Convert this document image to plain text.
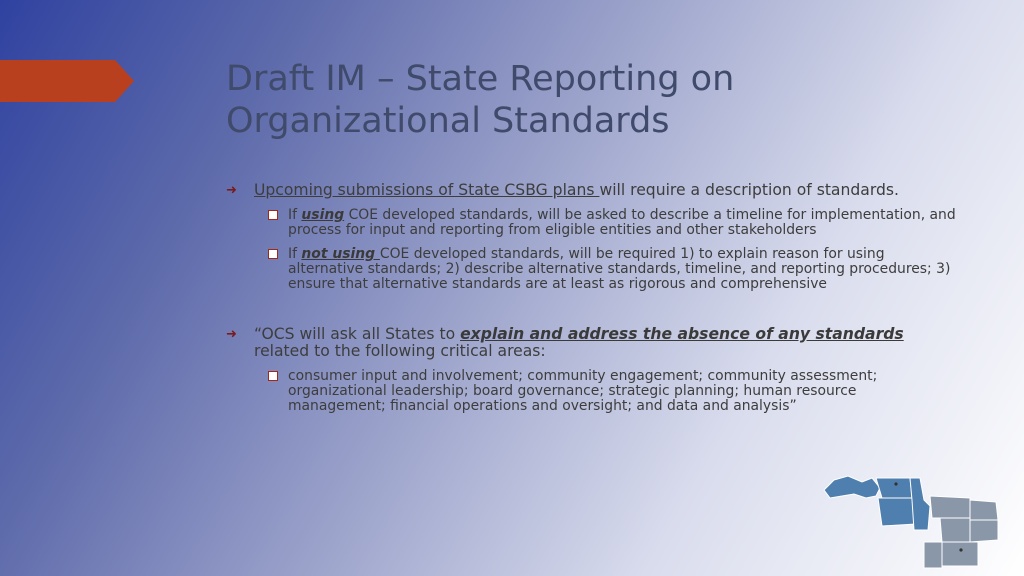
Draft IM – State Reporting on Organizational Standards
➜ Upcoming submissions of State CSBG plans will require a description of standards.
If using COE developed standards, will be asked to describe a timeline for implementation, and process for input and reporting from eligible entities and other stakeholders
If not using COE developed standards, will be required 1) to explain reason for using alternative standards; 2) describe alternative standards, timeline, and reporting procedures; 3) ensure that alternative standards are at least as rigorous and comprehensive
➜ “OCS will ask all States to explain and address the absence of any standards related to the following critical areas:
consumer input and involvement; community engagement; community assessment; organizational leadership; board governance; strategic planning; human resource management; financial operations and oversight; and data and analysis”
